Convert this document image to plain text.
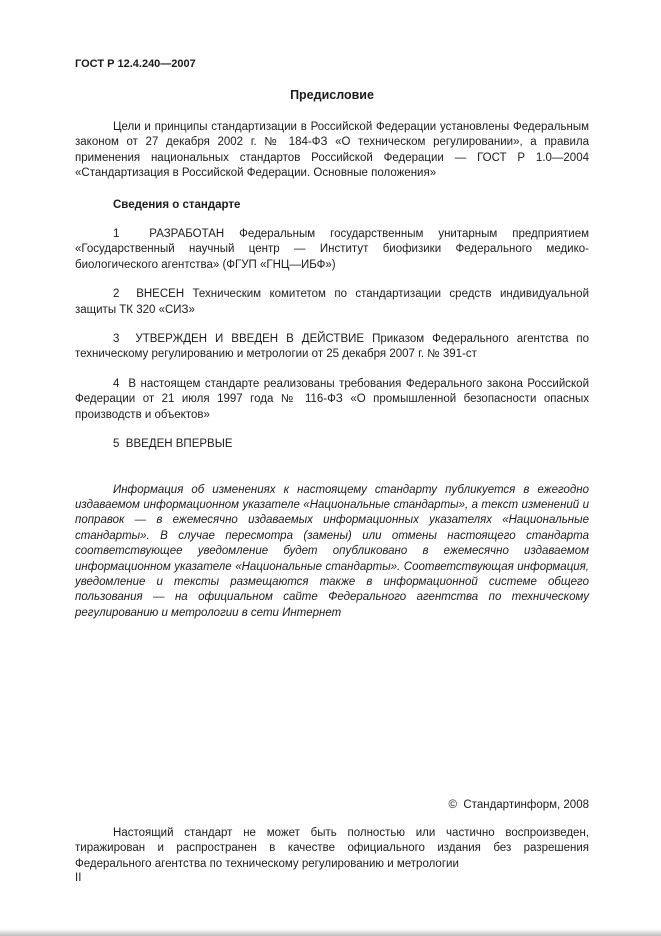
ГОСТ Р 12.4.240—2007
Предисловие

Цели и принципы стандартизации в Российской Федерации установлены Федеральным законом от 27 декабря 2002 г. № 184-ФЗ «О техническом регулировании», а правила применения национальных стандартов Российской Федерации — ГОСТ Р 1.0—2004 «Стандартизация в Российской Федерации. Основные положения»

Сведения о стандарте

1  РАЗРАБОТАН Федеральным государственным унитарным предприятием «Государственный научный центр — Институт биофизики Федерального медико-биологического агентства» (ФГУП «ГНЦ—ИБФ»)

2  ВНЕСЕН Техническим комитетом по стандартизации средств индивидуальной защиты ТК 320 «СИЗ»

3  УТВЕРЖДЕН И ВВЕДЕН В ДЕЙСТВИЕ Приказом Федерального агентства по техническому регулированию и метрологии от 25 декабря 2007 г. № 391-ст

4  В настоящем стандарте реализованы требования Федерального закона Российской Федерации от 21 июля 1997 года № 116-ФЗ «О промышленной безопасности опасных производств и объектов»

5  ВВЕДЕН ВПЕРВЫЕ

Информация об изменениях к настоящему стандарту публикуется в ежегодно издаваемом информационном указателе «Национальные стандарты», а текст изменений и поправок — в ежемесячно издаваемых информационных указателях «Национальные стандарты». В случае пересмотра (замены) или отмены настоящего стандарта соответствующее уведомление будет опубликовано в ежемесячно издаваемом информационном указателе «Национальные стандарты». Соответствующая информация, уведомление и тексты размещаются также в информационной системе общего пользования — на официальном сайте Федерального агентства по техническому регулированию и метрологии в сети Интернет

©  Стандартинформ, 2008

Настоящий стандарт не может быть полностью или частично воспроизведен, тиражирован и распространен в качестве официального издания без разрешения Федерального агентства по техническому регулированию и метрологии

II
